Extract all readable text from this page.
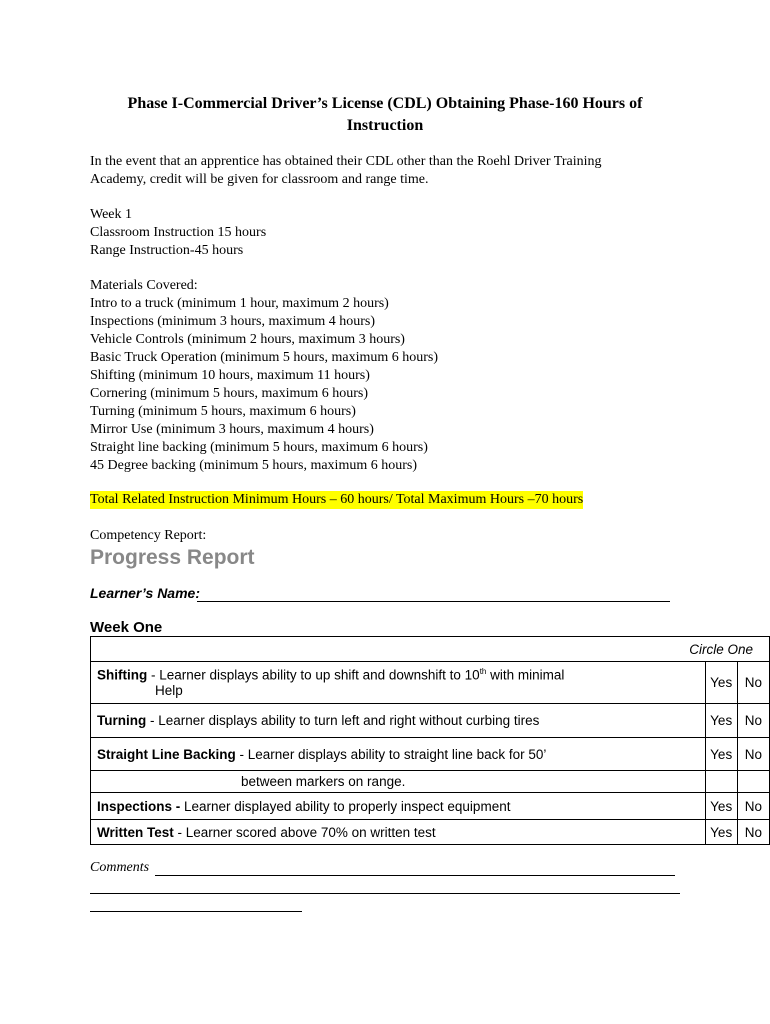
Phase I-Commercial Driver’s License (CDL) Obtaining Phase-160 Hours of Instruction
In the event that an apprentice has obtained their CDL other than the Roehl Driver Training
Academy, credit will be given for classroom and range time.
Week 1
Classroom Instruction 15 hours
Range Instruction-45 hours
Materials Covered:
Intro to a truck (minimum 1 hour, maximum 2 hours)
Inspections (minimum 3 hours, maximum 4 hours)
Vehicle Controls (minimum 2 hours, maximum 3 hours)
Basic Truck Operation (minimum 5 hours, maximum 6 hours)
Shifting (minimum 10 hours, maximum 11 hours)
Cornering (minimum 5 hours, maximum 6 hours)
Turning (minimum 5 hours, maximum 6 hours)
Mirror Use (minimum 3 hours, maximum 4 hours)
Straight line backing (minimum 5 hours, maximum 6 hours)
45 Degree backing (minimum 5 hours, maximum 6 hours)
Total Related Instruction Minimum Hours – 60 hours/ Total Maximum Hours –70 hours
Competency Report:
Progress Report
Learner’s Name:
Week One
Circle One		
Shifting - Learner displays ability to up shift and downshift to 10th with minimal
Help	Yes	No
Turning - Learner displays ability to turn left and right without curbing tires	Yes	No
Straight Line Backing - Learner displays ability to straight line back for 50’	Yes	No
between markers on range.		
Inspections - Learner displayed ability to properly inspect equipment	Yes	No
Written Test - Learner scored above 70% on written test	Yes	No
Comments
